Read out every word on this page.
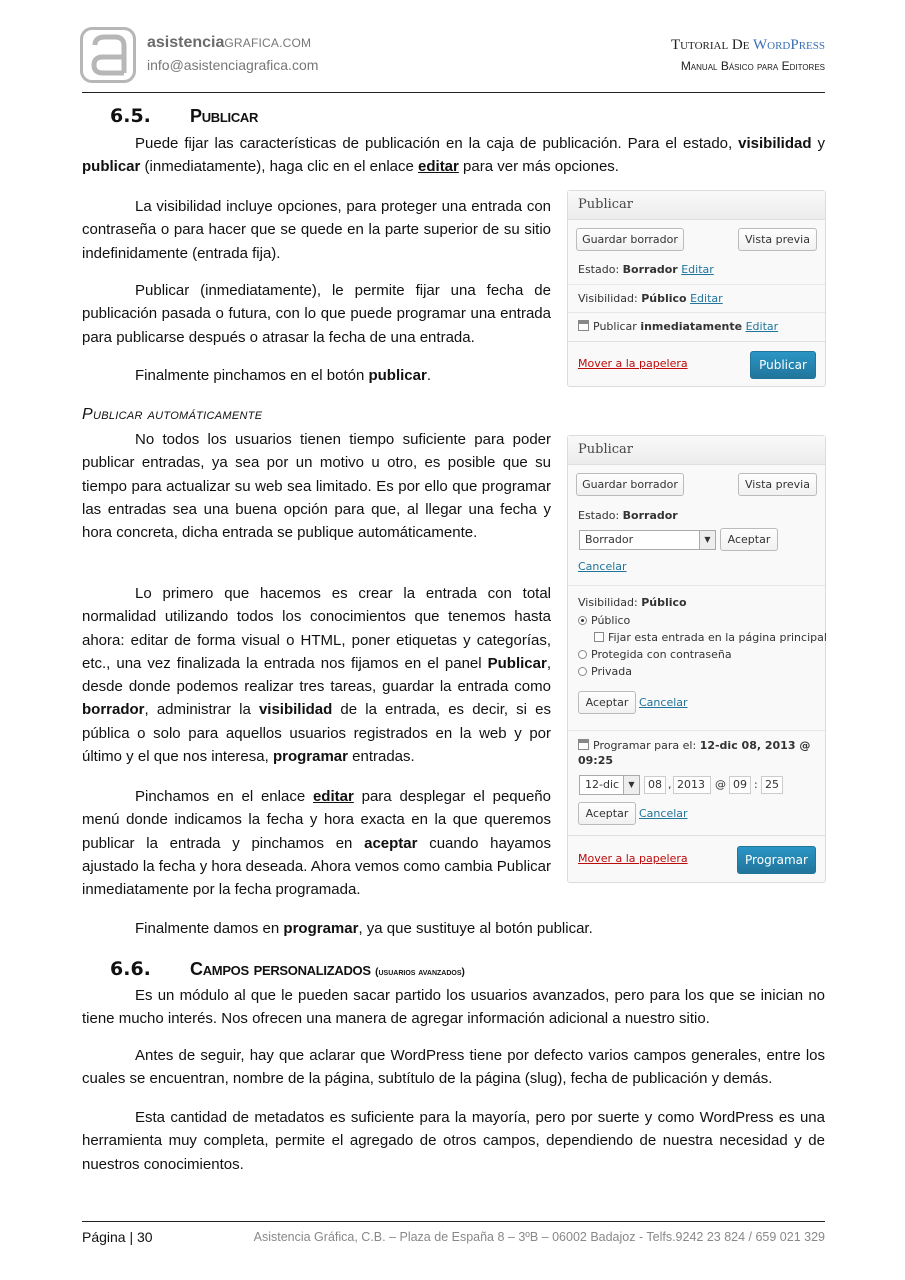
asistenciaGRAFICA.COM
info@asistenciagrafica.com
Tutorial De WordPress
Manual Básico para Editores
6.5. Publicar
Puede fijar las características de publicación en la caja de publicación. Para el estado, visibilidad y publicar (inmediatamente), haga clic en el enlace editar para ver más opciones.
La visibilidad incluye opciones, para proteger una entrada con contraseña o para hacer que se quede en la parte superior de su sitio indefinidamente (entrada fija).
Publicar (inmediatamente), le permite fijar una fecha de publicación pasada o futura, con lo que puede programar una entrada para publicarse después o atrasar la fecha de una entrada.
Finalmente pinchamos en el botón publicar.
Publicar automáticamente
No todos los usuarios tienen tiempo suficiente para poder publicar entradas, ya sea por un motivo u otro, es posible que su tiempo para actualizar su web sea limitado. Es por ello que programar las entradas sea una buena opción para que, al llegar una fecha y hora concreta, dicha entrada se publique automáticamente.
Lo primero que hacemos es crear la entrada con total normalidad utilizando todos los conocimientos que tenemos hasta ahora: editar de forma visual o HTML, poner etiquetas y categorías, etc., una vez finalizada la entrada nos fijamos en el panel Publicar, desde donde podemos realizar tres tareas, guardar la entrada como borrador, administrar la visibilidad de la entrada, es decir, si es pública o solo para aquellos usuarios registrados en la web y por último y el que nos interesa, programar entradas.
Pinchamos en el enlace editar para desplegar el pequeño menú donde indicamos la fecha y hora exacta en la que queremos publicar la entrada y pinchamos en aceptar cuando hayamos ajustado la fecha y hora deseada. Ahora vemos como cambia Publicar inmediatamente por la fecha programada.
Finalmente damos en programar, ya que sustituye al botón publicar.
Publicar
Guardar borrador	Vista previa
Estado: Borrador Editar
Visibilidad: Público Editar
Publicar inmediatamente Editar
Mover a la papelera	Publicar
Publicar
Guardar borrador	Vista previa
Estado: Borrador
Borrador	▼	Aceptar
Cancelar
Visibilidad: Público
Público
Fijar esta entrada en la página principal
Protegida con contraseña
Privada
Aceptar Cancelar
Programar para el: 12-dic 08, 2013 @
09:25
12-dic	▼	08 , 2013 @ 09 : 25
Aceptar Cancelar
Mover a la papelera	Programar
6.6. Campos personalizados (usuarios avanzados)
Es un módulo al que le pueden sacar partido los usuarios avanzados, pero para los que se inician no tiene mucho interés. Nos ofrecen una manera de agregar información adicional a nuestro sitio.
Antes de seguir, hay que aclarar que WordPress tiene por defecto varios campos generales, entre los cuales se encuentran, nombre de la página, subtítulo de la página (slug), fecha de publicación y demás.
Esta cantidad de metadatos es suficiente para la mayoría, pero por suerte y como WordPress es una herramienta muy completa, permite el agregado de otros campos, dependiendo de nuestra necesidad y de nuestros conocimientos.
Página | 30	Asistencia Gráfica, C.B. – Plaza de España 8 – 3ºB – 06002 Badajoz - Telfs.9242 23 824 / 659 021 329
